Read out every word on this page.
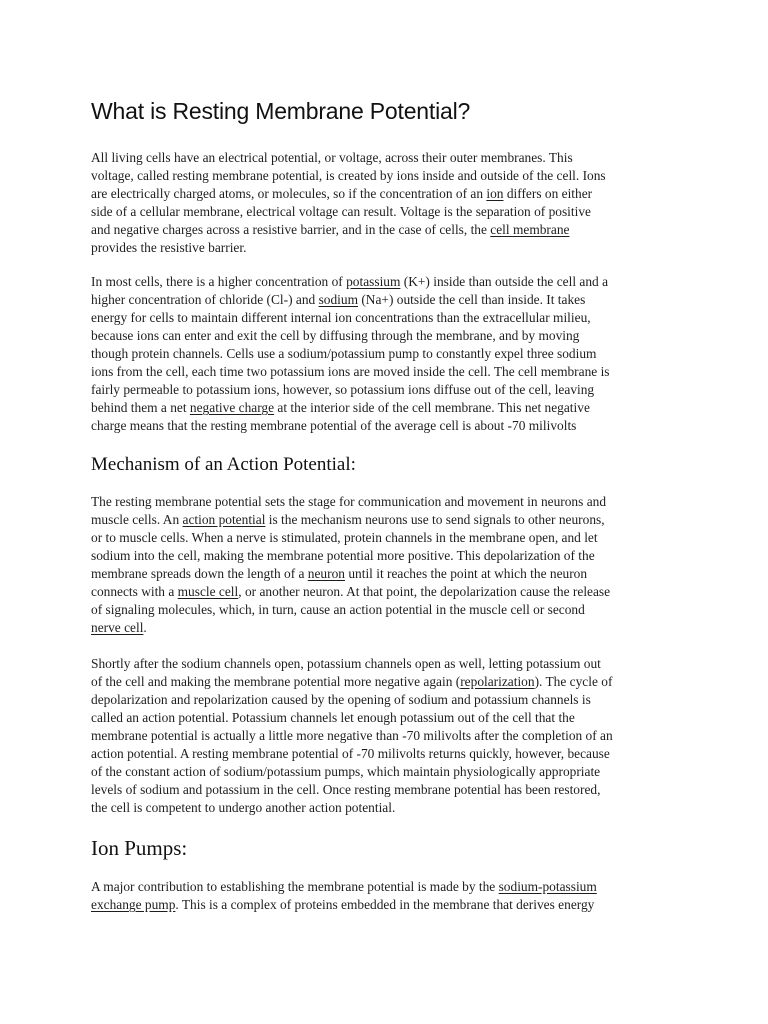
What is Resting Membrane Potential?

All living cells have an electrical potential, or voltage, across their outer membranes. This
voltage, called resting membrane potential, is created by ions inside and outside of the cell. Ions
are electrically charged atoms, or molecules, so if the concentration of an ion differs on either
side of a cellular membrane, electrical voltage can result. Voltage is the separation of positive
and negative charges across a resistive barrier, and in the case of cells, the cell membrane
provides the resistive barrier.

In most cells, there is a higher concentration of potassium (K+) inside than outside the cell and a
higher concentration of chloride (Cl-) and sodium (Na+) outside the cell than inside. It takes
energy for cells to maintain different internal ion concentrations than the extracellular milieu,
because ions can enter and exit the cell by diffusing through the membrane, and by moving
though protein channels. Cells use a sodium/potassium pump to constantly expel three sodium
ions from the cell, each time two potassium ions are moved inside the cell. The cell membrane is
fairly permeable to potassium ions, however, so potassium ions diffuse out of the cell, leaving
behind them a net negative charge at the interior side of the cell membrane. This net negative
charge means that the resting membrane potential of the average cell is about -70 milivolts

Mechanism of an Action Potential:

The resting membrane potential sets the stage for communication and movement in neurons and
muscle cells. An action potential is the mechanism neurons use to send signals to other neurons,
or to muscle cells. When a nerve is stimulated, protein channels in the membrane open, and let
sodium into the cell, making the membrane potential more positive. This depolarization of the
membrane spreads down the length of a neuron until it reaches the point at which the neuron
connects with a muscle cell, or another neuron. At that point, the depolarization cause the release
of signaling molecules, which, in turn, cause an action potential in the muscle cell or second
nerve cell.

Shortly after the sodium channels open, potassium channels open as well, letting potassium out
of the cell and making the membrane potential more negative again (repolarization). The cycle of
depolarization and repolarization caused by the opening of sodium and potassium channels is
called an action potential. Potassium channels let enough potassium out of the cell that the
membrane potential is actually a little more negative than -70 milivolts after the completion of an
action potential. A resting membrane potential of -70 milivolts returns quickly, however, because
of the constant action of sodium/potassium pumps, which maintain physiologically appropriate
levels of sodium and potassium in the cell. Once resting membrane potential has been restored,
the cell is competent to undergo another action potential.

Ion Pumps:

A major contribution to establishing the membrane potential is made by the sodium-potassium
exchange pump. This is a complex of proteins embedded in the membrane that derives energy
